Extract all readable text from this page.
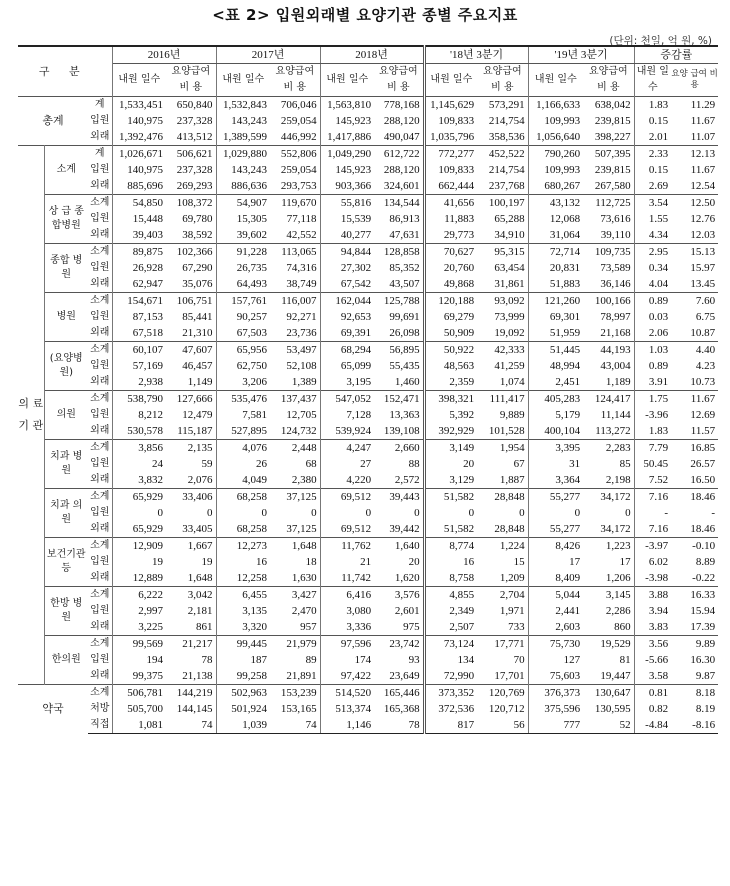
<표 2> 입원외래별 요양기관 종별 주요지표
(단위: 천일, 억 원, %)
구 분			2016년		2017년		2018년		'18년 3분기		'19년 3분기		증감률	
			내원 일수	요양급여 비 용	내원 일수	요양급여 비 용	내원 일수	요양급여 비 용	내원 일수	요양급여 비 용	내원 일수	요양급여 비 용	내원 일수	요양 급여 비용
총계		계	1,533,451	650,840	1,532,843	706,046	1,563,810	778,168	1,145,629	573,291	1,166,633	638,042	1.83	11.29
		입원	140,975	237,328	143,243	259,054	145,923	288,120	109,833	214,754	109,993	239,815	0.15	11.67
		외래	1,392,476	413,512	1,389,599	446,992	1,417,886	490,047	1,035,796	358,536	1,056,640	398,227	2.01	11.07
의 료 기 관	소계	계	1,026,671	506,621	1,029,880	552,806	1,049,290	612,722	772,277	452,522	790,260	507,395	2.33	12.13
		입원	140,975	237,328	143,243	259,054	145,923	288,120	109,833	214,754	109,993	239,815	0.15	11.67
		외래	885,696	269,293	886,636	293,753	903,366	324,601	662,444	237,768	680,267	267,580	2.69	12.54
	상 급 종합병원	소계	54,850	108,372	54,907	119,670	55,816	134,544	41,656	100,197	43,132	112,725	3.54	12.50
		입원	15,448	69,780	15,305	77,118	15,539	86,913	11,883	65,288	12,068	73,616	1.55	12.76
		외래	39,403	38,592	39,602	42,552	40,277	47,631	29,773	34,910	31,064	39,110	4.34	12.03
	종합 병원	소계	89,875	102,366	91,228	113,065	94,844	128,858	70,627	95,315	72,714	109,735	2.95	15.13
		입원	26,928	67,290	26,735	74,316	27,302	85,352	20,760	63,454	20,831	73,589	0.34	15.97
		외래	62,947	35,076	64,493	38,749	67,542	43,507	49,868	31,861	51,883	36,146	4.04	13.45
	병원	소계	154,671	106,751	157,761	116,007	162,044	125,788	120,188	93,092	121,260	100,166	0.89	7.60
		입원	87,153	85,441	90,257	92,271	92,653	99,691	69,279	73,999	69,301	78,997	0.03	6.75
		외래	67,518	21,310	67,503	23,736	69,391	26,098	50,909	19,092	51,959	21,168	2.06	10.87
	(요양병원)	소계	60,107	47,607	65,956	53,497	68,294	56,895	50,922	42,333	51,445	44,193	1.03	4.40
		입원	57,169	46,457	62,750	52,108	65,099	55,435	48,563	41,259	48,994	43,004	0.89	4.23
		외래	2,938	1,149	3,206	1,389	3,195	1,460	2,359	1,074	2,451	1,189	3.91	10.73
	의원	소계	538,790	127,666	535,476	137,437	547,052	152,471	398,321	111,417	405,283	124,417	1.75	11.67
		입원	8,212	12,479	7,581	12,705	7,128	13,363	5,392	9,889	5,179	11,144	-3.96	12.69
		외래	530,578	115,187	527,895	124,732	539,924	139,108	392,929	101,528	400,104	113,272	1.83	11.57
	치과 병원	소계	3,856	2,135	4,076	2,448	4,247	2,660	3,149	1,954	3,395	2,283	7.79	16.85
		입원	24	59	26	68	27	88	20	67	31	85	50.45	26.57
		외래	3,832	2,076	4,049	2,380	4,220	2,572	3,129	1,887	3,364	2,198	7.52	16.50
	치과 의원	소계	65,929	33,406	68,258	37,125	69,512	39,443	51,582	28,848	55,277	34,172	7.16	18.46
		입원	0	0	0	0	0	0	0	0	0	0	-	-
		외래	65,929	33,405	68,258	37,125	69,512	39,442	51,582	28,848	55,277	34,172	7.16	18.46
	보건기관 등	소계	12,909	1,667	12,273	1,648	11,762	1,640	8,774	1,224	8,426	1,223	-3.97	-0.10
		입원	19	19	16	18	21	20	16	15	17	17	6.02	8.89
		외래	12,889	1,648	12,258	1,630	11,742	1,620	8,758	1,209	8,409	1,206	-3.98	-0.22
	한방 병원	소계	6,222	3,042	6,455	3,427	6,416	3,576	4,855	2,704	5,044	3,145	3.88	16.33
		입원	2,997	2,181	3,135	2,470	3,080	2,601	2,349	1,971	2,441	2,286	3.94	15.94
		외래	3,225	861	3,320	957	3,336	975	2,507	733	2,603	860	3.83	17.39
	한의원	소계	99,569	21,217	99,445	21,979	97,596	23,742	73,124	17,771	75,730	19,529	3.56	9.89
		입원	194	78	187	89	174	93	134	70	127	81	-5.66	16.30
		외래	99,375	21,138	99,258	21,891	97,422	23,649	72,990	17,701	75,603	19,447	3.58	9.87
약국		소계	506,781	144,219	502,963	153,239	514,520	165,446	373,352	120,769	376,373	130,647	0.81	8.18
		처방	505,700	144,145	501,924	153,165	513,374	165,368	372,536	120,712	375,596	130,595	0.82	8.19
		직접	1,081	74	1,039	74	1,146	78	817	56	777	52	-4.84	-8.16
